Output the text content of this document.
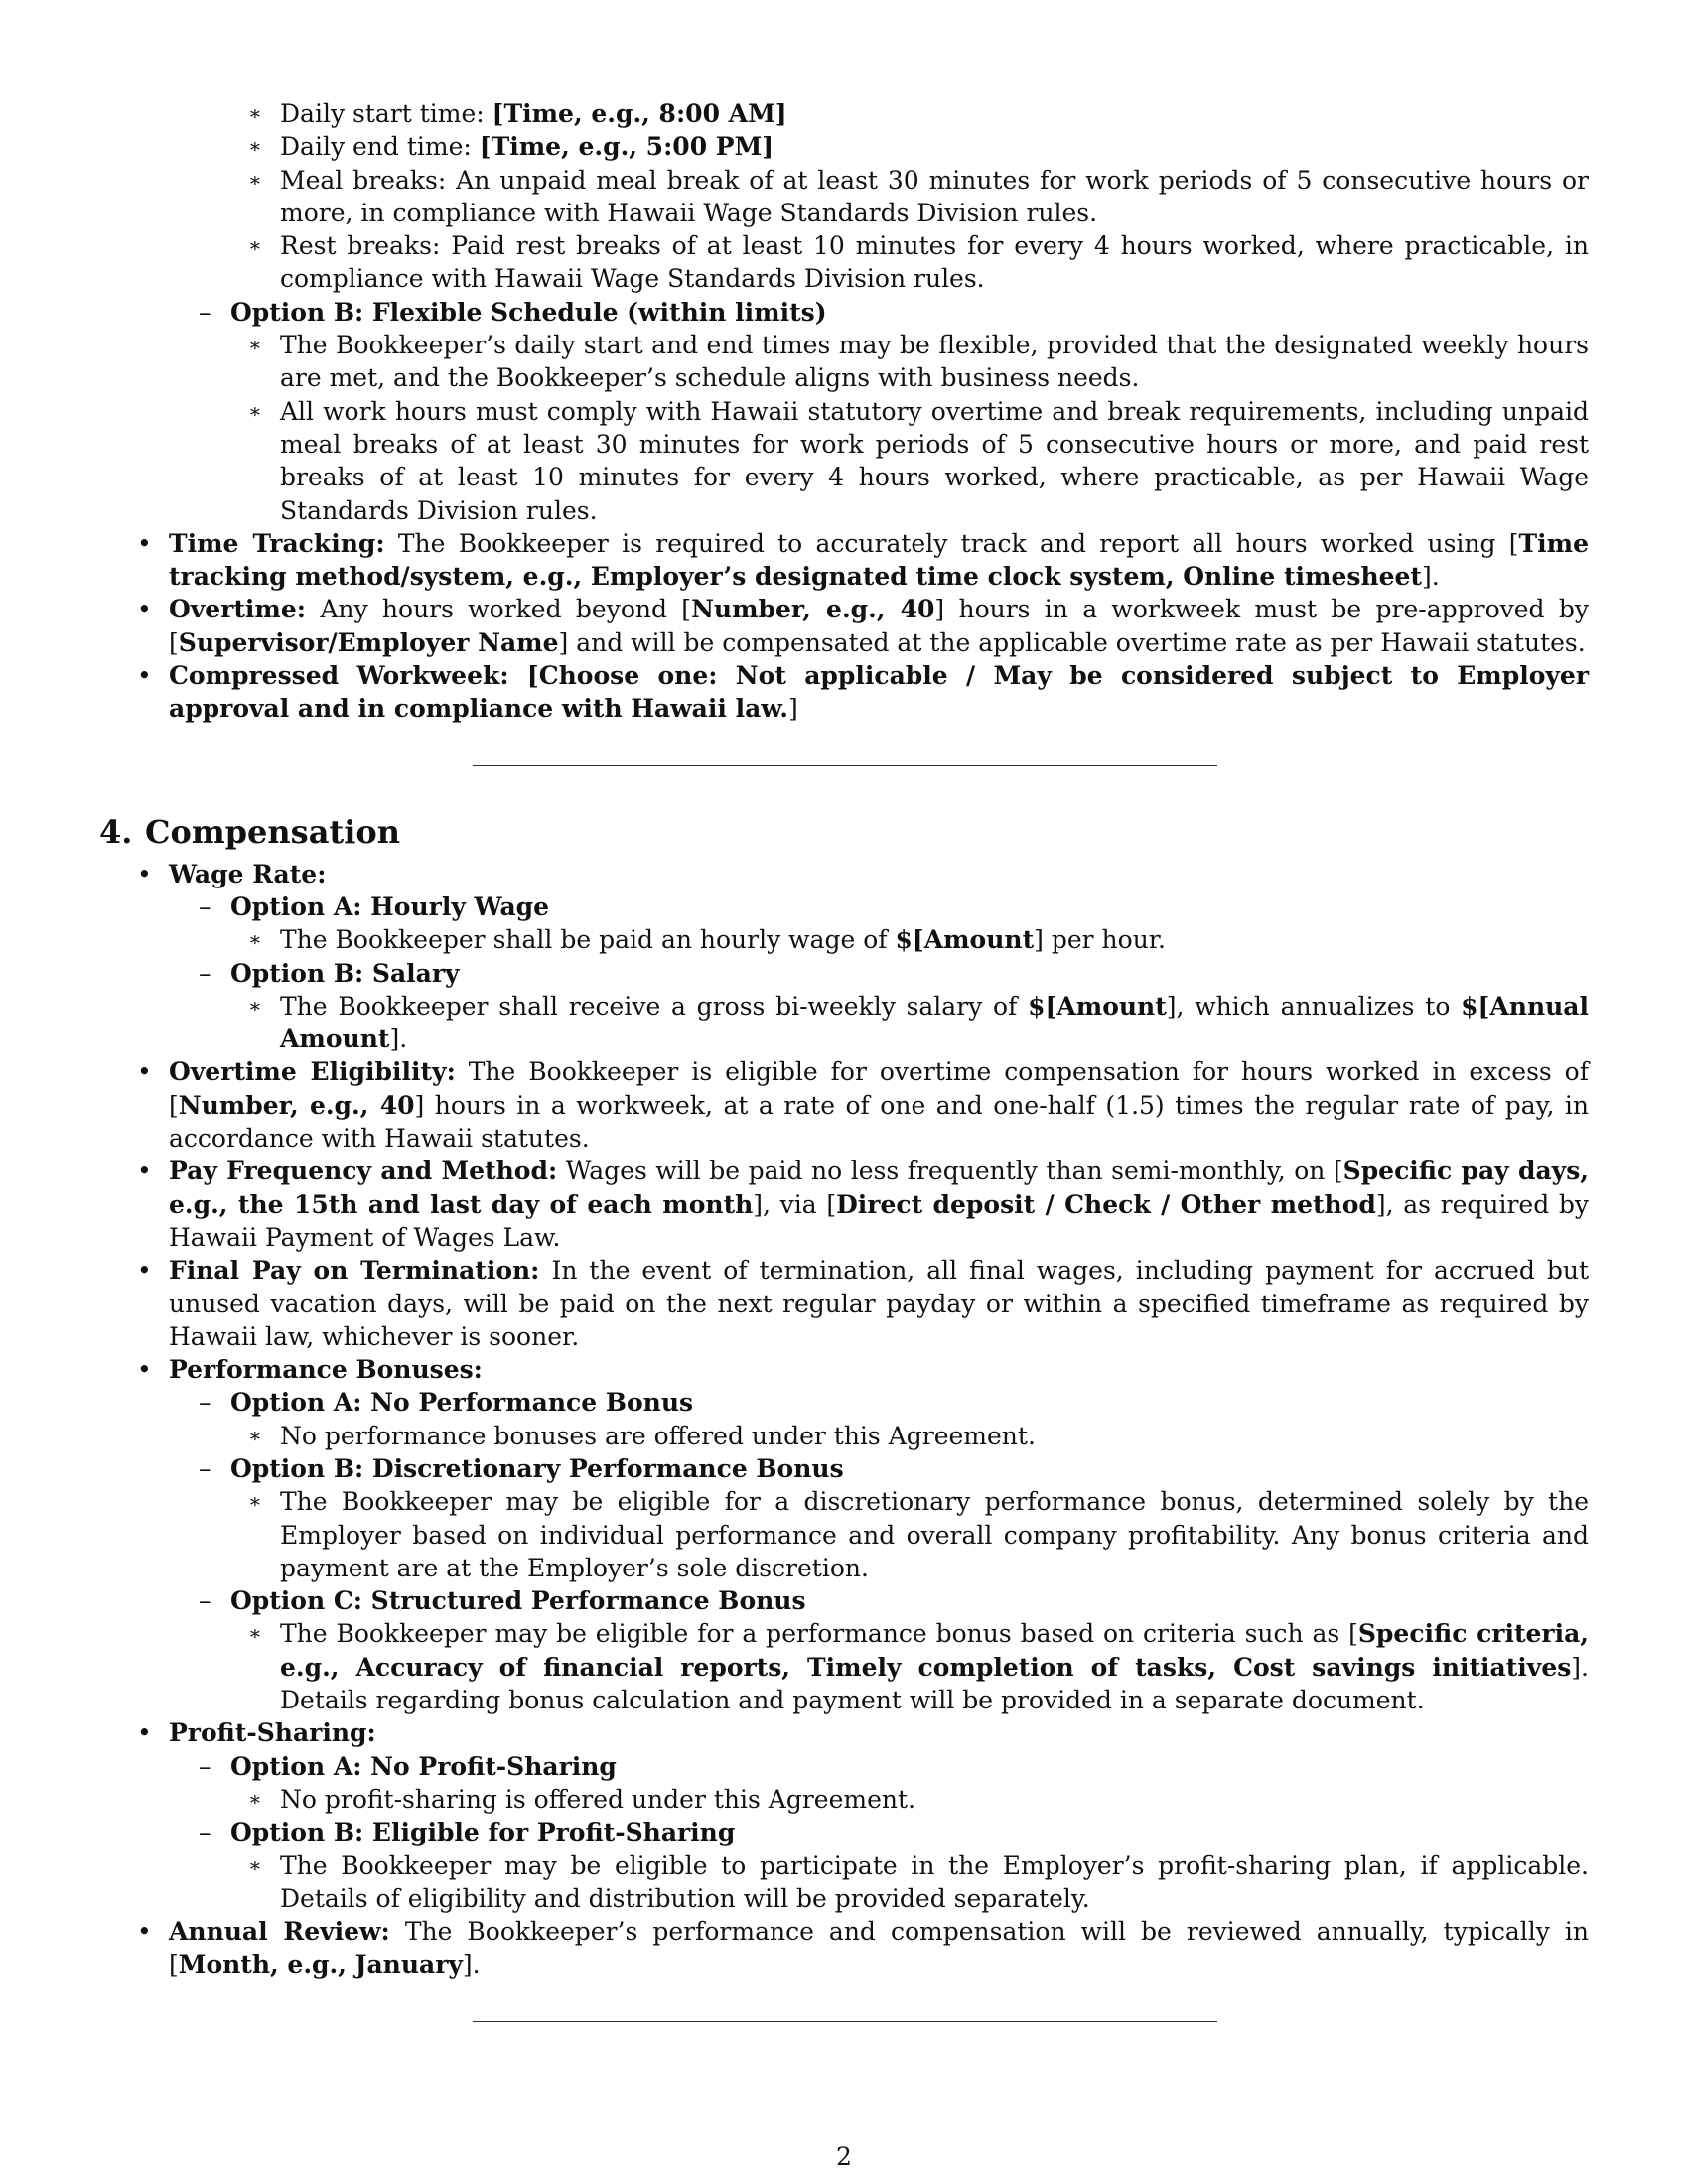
∗ Daily start time: [Time, e.g., 8:00 AM]

∗ Daily end time: [Time, e.g., 5:00 PM]

∗ Meal breaks: An unpaid meal break of at least 30 minutes for work periods of 5 consecutive hours or more, in compliance with Hawaii Wage Standards Division rules.

∗ Rest breaks: Paid rest breaks of at least 10 minutes for every 4 hours worked, where practicable, in compliance with Hawaii Wage Standards Division rules.

– Option B: Flexible Schedule (within limits)

∗ The Bookkeeper’s daily start and end times may be flexible, provided that the designated weekly hours are met, and the Bookkeeper’s schedule aligns with business needs.

∗ All work hours must comply with Hawaii statutory overtime and break requirements, including unpaid meal breaks of at least 30 minutes for work periods of 5 consecutive hours or more, and paid rest breaks of at least 10 minutes for every 4 hours worked, where practicable, as per Hawaii Wage Standards Division rules.

• Time Tracking: The Bookkeeper is required to accurately track and report all hours worked using [Time tracking method/system, e.g., Employer’s designated time clock system, Online timesheet].

• Overtime: Any hours worked beyond [Number, e.g., 40] hours in a workweek must be pre-approved by [Supervisor/Employer Name] and will be compensated at the applicable overtime rate as per Hawaii statutes.

• Compressed Workweek: [Choose one: Not applicable / May be considered subject to Employer approval and in compliance with Hawaii law.]

4. Compensation

• Wage Rate:

– Option A: Hourly Wage

∗ The Bookkeeper shall be paid an hourly wage of $[Amount] per hour.

– Option B: Salary

∗ The Bookkeeper shall receive a gross bi-weekly salary of $[Amount], which annualizes to $[Annual Amount].

• Overtime Eligibility: The Bookkeeper is eligible for overtime compensation for hours worked in excess of [Number, e.g., 40] hours in a workweek, at a rate of one and one-half (1.5) times the regular rate of pay, in accordance with Hawaii statutes.

• Pay Frequency and Method: Wages will be paid no less frequently than semi-monthly, on [Specific pay days, e.g., the 15th and last day of each month], via [Direct deposit / Check / Other method], as required by Hawaii Payment of Wages Law.

• Final Pay on Termination: In the event of termination, all final wages, including payment for accrued but unused vacation days, will be paid on the next regular payday or within a specified timeframe as required by Hawaii law, whichever is sooner.

• Performance Bonuses:

– Option A: No Performance Bonus

∗ No performance bonuses are offered under this Agreement.

– Option B: Discretionary Performance Bonus

∗ The Bookkeeper may be eligible for a discretionary performance bonus, determined solely by the Employer based on individual performance and overall company profitability. Any bonus criteria and payment are at the Employer’s sole discretion.

– Option C: Structured Performance Bonus

∗ The Bookkeeper may be eligible for a performance bonus based on criteria such as [Specific criteria, e.g., Accuracy of financial reports, Timely completion of tasks, Cost savings initiatives]. Details regarding bonus calculation and payment will be provided in a separate document.

• Profit-Sharing:

– Option A: No Profit-Sharing

∗ No profit-sharing is offered under this Agreement.

– Option B: Eligible for Profit-Sharing

∗ The Bookkeeper may be eligible to participate in the Employer’s profit-sharing plan, if applicable. Details of eligibility and distribution will be provided separately.

• Annual Review: The Bookkeeper’s performance and compensation will be reviewed annually, typically in [Month, e.g., January].

2
